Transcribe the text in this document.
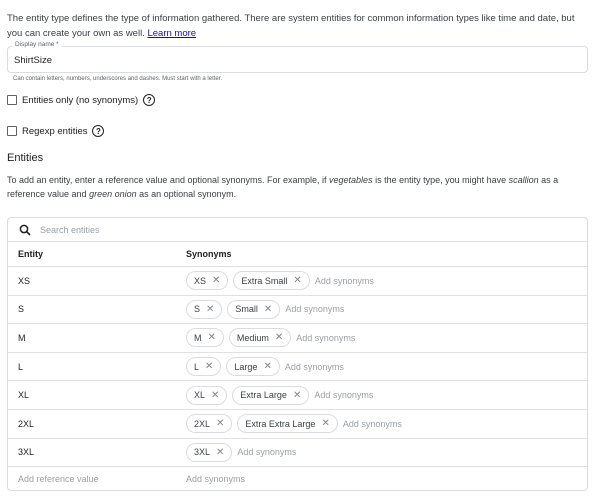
The entity type defines the type of information gathered. There are system entities for common information types like time and date, but you can create your own as well. Learn more
ShirtSize
Display name *
Can contain letters, numbers, underscores and dashes. Must start with a letter.
Entities only (no synonyms)	?
Regexp entities	?
Entities
To add an entity, enter a reference value and optional synonyms. For example, if vegetables is the entity type, you might have scallion as a reference value and green onion as an optional synonym.
Search entities
Entity	Synonyms
XS	XS ✕ Extra Small ✕ Add synonyms
S	S ✕ Small ✕ Add synonyms
M	M ✕ Medium ✕ Add synonyms
L	L ✕ Large ✕ Add synonyms
XL	XL ✕ Extra Large ✕ Add synonyms
2XL	2XL ✕ Extra Extra Large ✕ Add synonyms
3XL	3XL ✕ Add synonyms
Add reference value	Add synonyms
